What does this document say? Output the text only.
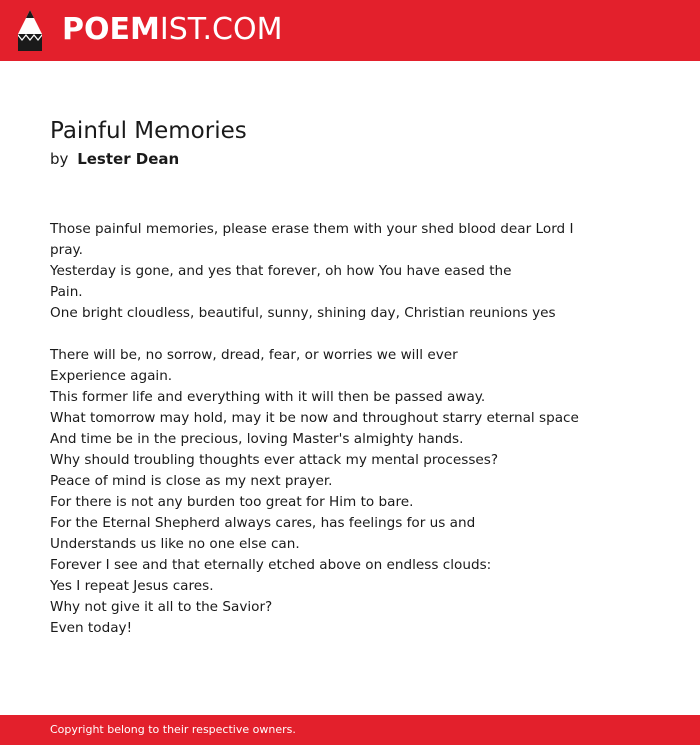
POEMIST.COM
Painful Memories
by Lester Dean
Those painful memories, please erase them with your shed blood dear Lord I
pray.
Yesterday is gone, and yes that forever, oh how You have eased the
Pain.
One bright cloudless, beautiful, sunny, shining day, Christian reunions yes
There will be, no sorrow, dread, fear, or worries we will ever
Experience again.
This former life and everything with it will then be passed away.
What tomorrow may hold, may it be now and throughout starry eternal space
And time be in the precious, loving Master's almighty hands.
Why should troubling thoughts ever attack my mental processes?
Peace of mind is close as my next prayer.
For there is not any burden too great for Him to bare.
For the Eternal Shepherd always cares, has feelings for us and
Understands us like no one else can.
Forever I see and that eternally etched above on endless clouds:
Yes I repeat Jesus cares.
Why not give it all to the Savior?
Even today!
Copyright belong to their respective owners.
